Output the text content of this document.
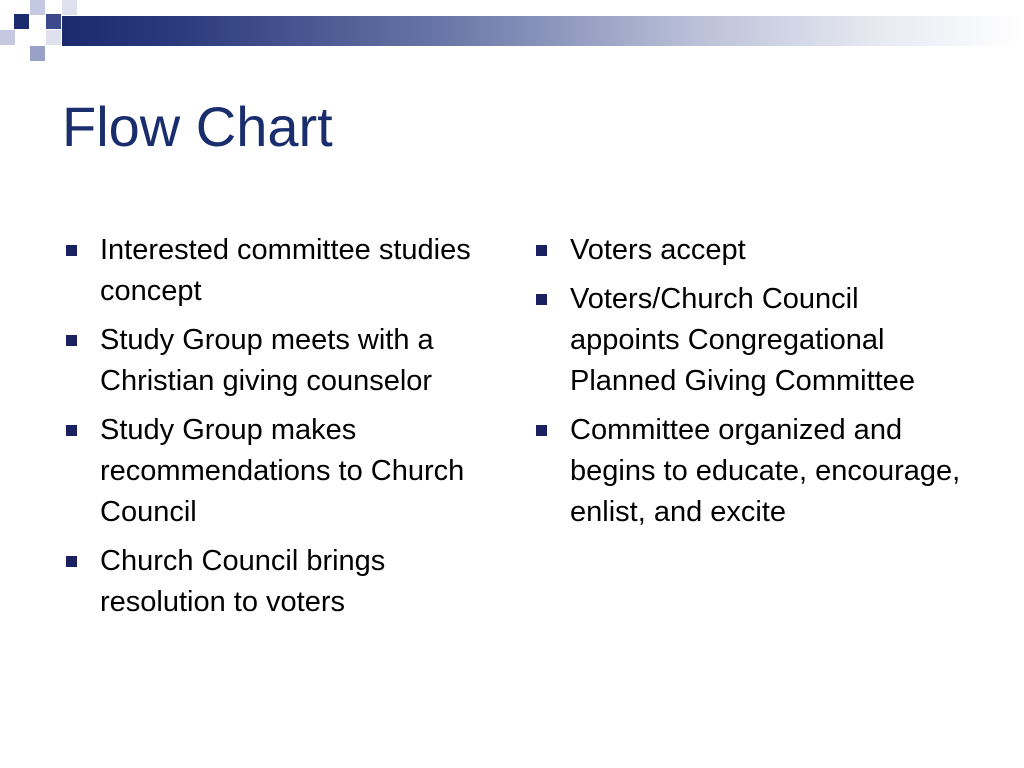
Flow Chart
Interested committee studies concept
Study Group meets with a Christian giving counselor
Study Group makes recommendations to Church Council
Church Council brings resolution to voters
Voters accept
Voters/Church Council appoints Congregational Planned Giving Committee
Committee organized and begins to educate, encourage, enlist, and excite
